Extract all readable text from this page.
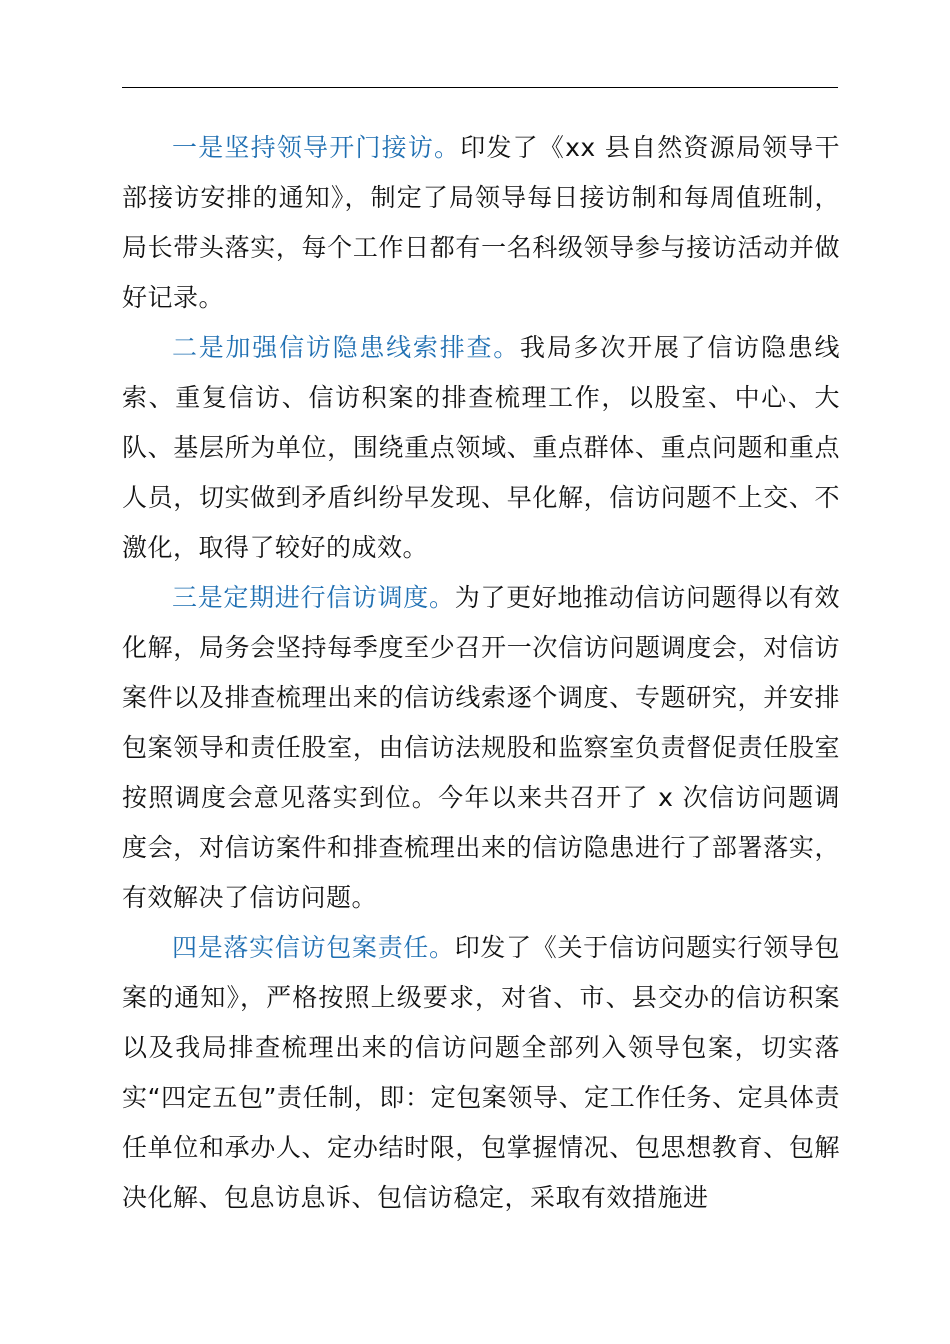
一是坚持领导开门接访。印发了《xx 县自然资源局领导干部接访安排的通知》，制定了局领导每日接访制和每周值班制，局长带头落实，每个工作日都有一名科级领导参与接访活动并做好记录。

二是加强信访隐患线索排查。我局多次开展了信访隐患线索、重复信访、信访积案的排查梳理工作，以股室、中心、大队、基层所为单位，围绕重点领域、重点群体、重点问题和重点人员，切实做到矛盾纠纷早发现、早化解，信访问题不上交、不激化，取得了较好的成效。

三是定期进行信访调度。为了更好地推动信访问题得以有效化解，局务会坚持每季度至少召开一次信访问题调度会，对信访案件以及排查梳理出来的信访线索逐个调度、专题研究，并安排包案领导和责任股室，由信访法规股和监察室负责督促责任股室按照调度会意见落实到位。今年以来共召开了 x 次信访问题调度会，对信访案件和排查梳理出来的信访隐患进行了部署落实，有效解决了信访问题。

四是落实信访包案责任。印发了《关于信访问题实行领导包案的通知》，严格按照上级要求，对省、市、县交办的信访积案以及我局排查梳理出来的信访问题全部列入领导包案，切实落实“四定五包”责任制，即：定包案领导、定工作任务、定具体责任单位和承办人、定办结时限，包掌握情况、包思想教育、包解决化解、包息访息诉、包信访稳定，采取有效措施进
